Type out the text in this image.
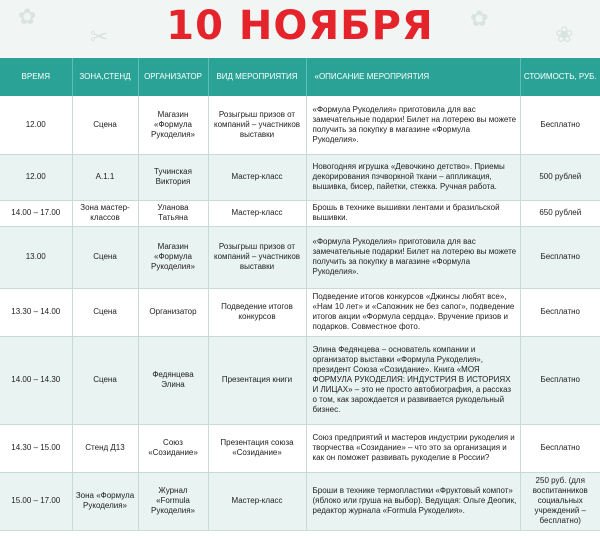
✿
✂
✿
❀
10 НОЯБРЯ
ВРЕМЯ	ЗОНА,СТЕНД	ОРГАНИЗАТОР	ВИД МЕРОПРИЯТИЯ	«ОПИСАНИЕ МЕРОПРИЯТИЯ	СТОИМОСТЬ, РУБ.
12.00	Сцена	Магазин «Формула Рукоделия»	Розыгрыш призов от компаний – участников выставки	«Формула Рукоделия» приготовила для вас замечательные подарки! Билет на лотерею вы можете получить за покупку в магазине «Формула Рукоделия».	Бесплатно
12.00	А.1.1	Тучинская Виктория	Мастер-класс	Новогодняя игрушка «Девочкино детство». Приемы декорирования пэчворкной ткани – аппликация, вышивка, бисер, пайетки, стежка. Ручная работа.	500 рублей
14.00 – 17.00	Зона мастер-классов	Уланова Татьяна	Мастер-класс	Брошь в технике вышивки лентами и бразильской вышивки.	650 рублей
13.00	Сцена	Магазин «Формула Рукоделия»	Розыгрыш призов от компаний – участников выставки	«Формула Рукоделия» приготовила для вас замечательные подарки! Билет на лотерею вы можете получить за покупку в магазине «Формула Рукоделия».	Бесплатно
13.30 – 14.00	Сцена	Организатор	Подведение итогов конкурсов	Подведение итогов конкурсов «Джинсы любят все», «Нам 10 лет» и «Сапожник не без сапог», подведение итогов акции «Формула сердца». Вручение призов и подарков. Совместное фото.	Бесплатно
14.00 – 14.30	Сцена	Федянцева Элина	Презентация книги	Элина Федянцева – основатель компании и организатор выставки «Формула Рукоделия», президент Союза «Созидание». Книга «МОЯ ФОРМУЛА РУКОДЕЛИЯ: ИНДУСТРИЯ В ИСТОРИЯХ И ЛИЦАХ» – это не просто автобиография, а рассказ о том, как зарождается и развивается рукодельный бизнес.	Бесплатно
14.30 – 15.00	Стенд Д13	Союз «Созидание»	Презентация союза «Созидание»	Союз предприятий и мастеров индустрии рукоделия и творчества «Созидание» – что это за организация и как он поможет развивать рукоделие в России?	Бесплатно
15.00 – 17.00	Зона «Формула Рукоделия»	Журнал «Formula Рукоделия»	Мастер-класс	Броши в технике термопластики «Фруктовый компот» (яблоко или груша на выбор). Ведущая: Ольге Деопик, редактор журнала «Formula Рукоделия».	250 руб. (для воспитанников социальных учреждений – бесплатно)
